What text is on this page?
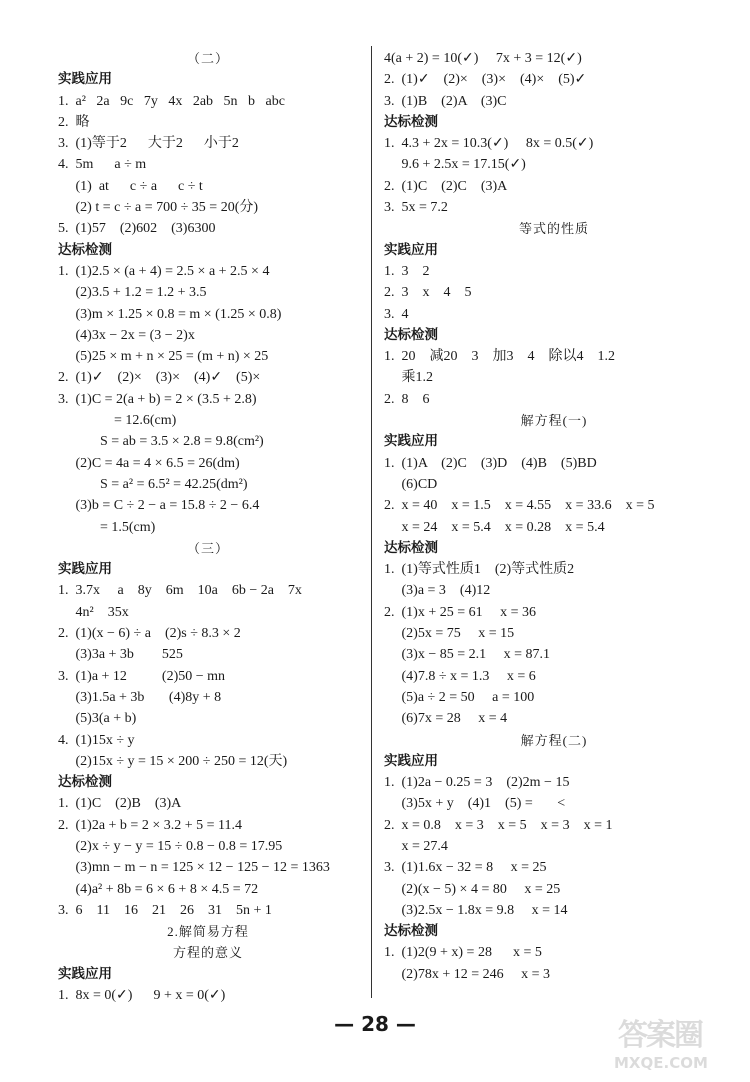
（二）
实践应用
1.  a²   2a   9c   7y   4x   2ab   5n   b   abc
2.  略
3.  (1)等于2      大于2      小于2
4.  5m      a ÷ m
(1)  at      c ÷ a      c ÷ t
(2) t = c ÷ a = 700 ÷ 35 = 20(分)
5.  (1)57    (2)602    (3)6300
达标检测
1.  (1)2.5 × (a + 4) = 2.5 × a + 2.5 × 4
(2)3.5 + 1.2 = 1.2 + 3.5
(3)m × 1.25 × 0.8 = m × (1.25 × 0.8)
(4)3x − 2x = (3 − 2)x
(5)25 × m + n × 25 = (m + n) × 25
2.  (1)✓    (2)×    (3)×    (4)✓    (5)×
3.  (1)C = 2(a + b) = 2 × (3.5 + 2.8)
= 12.6(cm)
S = ab = 3.5 × 2.8 = 9.8(cm²)
(2)C = 4a = 4 × 6.5 = 26(dm)
S = a² = 6.5² = 42.25(dm²)
(3)b = C ÷ 2 − a = 15.8 ÷ 2 − 6.4
= 1.5(cm)
（三）
实践应用
1.  3.7x     a    8y    6m    10a    6b − 2a    7x
4n²    35x
2.  (1)(x − 6) ÷ a    (2)s ÷ 8.3 × 2
(3)3a + 3b        525
3.  (1)a + 12          (2)50 − mn
(3)1.5a + 3b       (4)8y + 8
(5)3(a + b)
4.  (1)15x ÷ y
(2)15x ÷ y = 15 × 200 ÷ 250 = 12(天)
达标检测
1.  (1)C    (2)B    (3)A
2.  (1)2a + b = 2 × 3.2 + 5 = 11.4
(2)x ÷ y − y = 15 ÷ 0.8 − 0.8 = 17.95
(3)mn − m − n = 125 × 12 − 125 − 12 = 1363
(4)a² + 8b = 6 × 6 + 8 × 4.5 = 72
3.  6    11    16    21    26    31    5n + 1
2.解简易方程
方程的意义
实践应用
1.  8x = 0(✓)      9 + x = 0(✓)
4(a + 2) = 10(✓)     7x + 3 = 12(✓)
2.  (1)✓    (2)×    (3)×    (4)×    (5)✓
3.  (1)B    (2)A    (3)C
达标检测
1.  4.3 + 2x = 10.3(✓)     8x = 0.5(✓)
9.6 + 2.5x = 17.15(✓)
2.  (1)C    (2)C    (3)A
3.  5x = 7.2
等式的性质
实践应用
1.  3    2
2.  3    x    4    5
3.  4
达标检测
1.  20    减20    3    加3    4    除以4    1.2
乘1.2
2.  8    6
解方程(一)
实践应用
1.  (1)A    (2)C    (3)D    (4)B    (5)BD
(6)CD
2.  x = 40    x = 1.5    x = 4.55    x = 33.6    x = 5
x = 24    x = 5.4    x = 0.28    x = 5.4
达标检测
1.  (1)等式性质1    (2)等式性质2
(3)a = 3    (4)12
2.  (1)x + 25 = 61     x = 36
(2)5x = 75     x = 15
(3)x − 85 = 2.1     x = 87.1
(4)7.8 ÷ x = 1.3     x = 6
(5)a ÷ 2 = 50     a = 100
(6)7x = 28     x = 4
解方程(二)
实践应用
1.  (1)2a − 0.25 = 3    (2)2m − 15
(3)5x + y    (4)1    (5) =       <
2.  x = 0.8    x = 3    x = 5    x = 3    x = 1
x = 27.4
3.  (1)1.6x − 32 = 8     x = 25
(2)(x − 5) × 4 = 80     x = 25
(3)2.5x − 1.8x = 9.8     x = 14
达标检测
1.  (1)2(9 + x) = 28      x = 5
(2)78x + 12 = 246     x = 3
— 28 —	答案圈
MXQE.COM
